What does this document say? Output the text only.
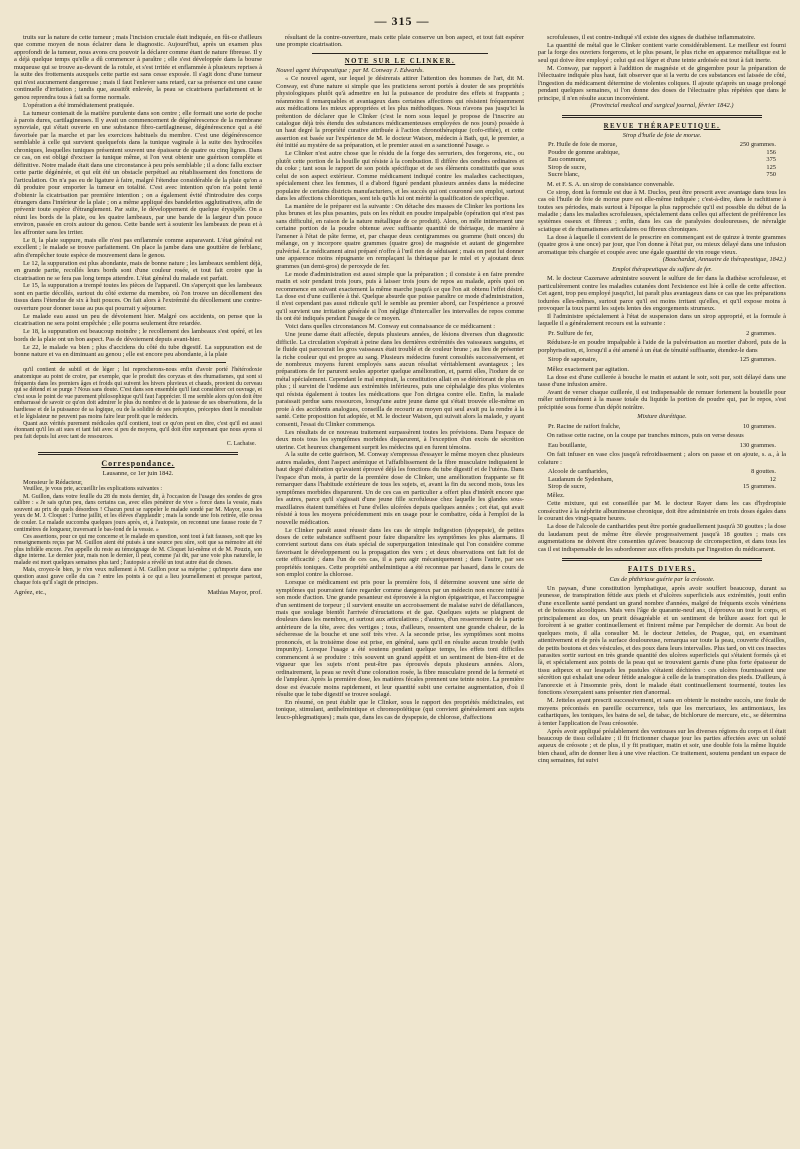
— 315 —

truits sur la nature de cette tumeur ; mais l'incision cruciale était indiquée, en fût-ce d'ailleurs que comme moyen de nous éclairer dans le diagnostic. Aujourd'hui, après un examen plus approfondi de la tumeur, nous avons cru pouvoir la déclarer comme étant de nature fibreuse. Il y a déjà quelque temps qu'elle a dû commencer à paraître ; elle s'est développée dans la bourse muqueuse qui se trouve au-devant de la rotule, et s'est irritée et enflammée à plusieurs reprises à la suite des frottements auxquels cette partie est sans cesse exposée. Il s'agit donc d'une tumeur qui n'est aucunement dangereuse ; mais il faut l'enlever sans retard, car sa présence est une cause continuelle d'irritation ; tandis que, aussitôt enlevée, la peau se cicatrisera parfaitement et le genou reprendra tous à fait sa forme normale.

L'opération a été immédiatement pratiquée.

La tumeur contenait de la matière purulente dans son centre ; elle formait une sorte de poche à parois dures, cartilagineuses. Il y avait un commencement de dégénérescence de la membrane synoviale, qui s'était ouverte en une substance fibro-cartilagineuse, dégénérescence qui a été favorisée par la marche et par les exercices habituels du membre. C'est une dégénérescence semblable à celle qui survient quelquefois dans la tunique vaginale à la suite des hydrocèles chroniques, lesquelles tuniques présentent souvent une épaisseur de quatre ou cinq lignes. Dans ce cas, on est obligé d'exciser la tunique même, si l'on veut obtenir une guérison complète et définitive. Notre malade était dans une circonstance à peu près semblable ; il a donc fallu exciser cette partie dégénérée, et qui eût été un obstacle perpétuel au rétablissement des fonctions de l'articulation. On n'a pas eu de ligature à faire, malgré l'étendue considérable de la plaie qu'on a dû produire pour emporter la tumeur en totalité. C'est avec intention qu'on n'a point tenté d'obtenir la cicatrisation par première intention ; on a également évité d'introduire des corps étrangers dans l'intérieur de la plaie ; on a même appliqué des bandelettes agglutinatives, afin de prévenir toute espèce d'étranglement. Par suite, le développement de quelque érysipèle. On a réuni les bords de la plaie, ou les quatre lambeaux, par une bande de la largeur d'un pouce environ, passée en croix autour du genou. Cette bande sert à soutenir les lambeaux de peau et à les affronter sans les irriter.

Le 8, la plaie suppure, mais elle n'est pas enflammée comme auparavant. L'état général est excellent ; le malade se trouve parfaitement. On place la jambe dans une gouttière de ferblanc, afin d'empêcher toute espèce de mouvement dans le genou.

Le 12, la suppuration est plus abondante, mais de bonne nature ; les lambeaux semblent déjà, en grande partie, recollés leurs bords sont d'une couleur rosée, et tout fait croire que la cicatrisation ne se fera pas long temps attendre. L'état général du malade est parfait.

Le 15, la suppuration a trempé toutes les pièces de l'appareil. On s'aperçoit que les lambeaux sont en partie décollés, surtout du côté externe du membre, où l'on trouve un décollement des tissus dans l'étendue de six à huit pouces. On fait alors à l'extrémité du décollement une contre-ouverture pour donner issue au pus qui pourrait y séjourner.

Le malade eau aussi un peu de dévoiement hier. Malgré ces accidents, on pense que la cicatrisation ne sera point empêchée ; elle pourra seulement être retardée.

Le 18, la suppuration est beaucoup moindre ; le recollement des lambeaux s'est opéré, et les bords de la plaie ont un bon aspect. Pas de dévoiement depuis avant-hier.

Le 22, le malade va bien ; plus d'accidens du côté du tube digestif. La suppuration est de bonne nature et va en diminuant au genou ; elle est encore peu abondante, à la plaie

qu'il contient de subtil et de léger ; lui reprocherons-nous enfin d'avoir porté l'hétérodoxie anatomique au point de croire, par exemple, que le produit des coryzas et des rhumatismes, qui sont si fréquents dans les premiers âges et froids qui suivent les hivers pluvieux et chauds, provient du cerveau qui se détend et se purge ? Nous sans doute. C'est dans son ensemble qu'il faut considérer cet ouvrage, et c'est sous le point de vue purement philosophique qu'il faut l'apprécier. Il me semble alors qu'on doit être embarrassé de savoir ce qu'on doit admirer le plus du nombre et de la justesse de ses observations, de la hardiesse et de la puissance de sa logique, ou de la solidité de ses préceptes, préceptes dont le moraliste et le législateur ne peuvent pas moins faire leur profit que le médecin.

Quant aux vérités purement médicales qu'il contient, tout ce qu'on peut en dire, c'est qu'il est aussi étonnant qu'il les ait sues et tant fait avec si peu de moyens, qu'il doit être surprenant que nous ayons si peu fait depuis lui avec tant de ressources.

C. Lachaise.
Correspondance.
Lausanne, ce 1er juin 1842.

Monsieur le Rédacteur,

Veuillez, je vous prie, accueillir les explications suivantes :

M. Guillon, dans votre feuille du 28 du mois dernier, dit, à l'occasion de l'usage des sondes de gros calibre : « Je sais qu'un peu, dans certains cas, avec elles pénétrer de vive » force dans la vessie, mais souvent au prix de quels désordres ! Chacun peut se rappeler le malade sondé par M. Mayor, sous les yeux de M. J. Cloquet : l'urine jaillit, et les élèves d'applaudir ; mais la sonde une fois retirée, elle cessa de couler. Le malade succomba quelques jours après, et, à l'autopsie, on reconnut une fausse route de 7 centimètres de longueur, traversant le bas-fond de la vessie. »

Ces assertions, pour ce qui me concerne et le malade en question, sont tout à fait fausses, soit que les renseignements reçus par M. Guillon aient été puisés à une source peu sûre, soit que sa mémoire ait été plus infidèle encore. J'en appelle du reste au témoignage de M. Cloquet lui-même et de M. Pouzin, son digne interne. Le dernier jour, mais non le dernier, il peut, comme j'ai dit, par une voie plus naturelle, le malade est mort quelques semaines plus tard ; l'autopsie a révélé un tout autre état de choses.

Mais, croyez-le bien, je n'en veux nullement à M. Guillon pour sa méprise ; qu'importe dans une question aussi grave celle du cas ? entre les points à ce qui a lieu journellement et presque partout, chaque fois qu'il s'agit de principes.

Agréez, etc.,	Mathias Mayor, prof.

résultant de la contre-ouverture, mais cette plaie conserve un bon aspect, et tout fait espérer une prompte cicatrisation.

NOTE SUR LE CLINKER.

Nouvel agent thérapeutique ; par M. Conway J. Edwards.

« Ce nouvel agent, sur lequel je désirerais attirer l'attention des hommes de l'art, dit M. Conway, est d'une nature si simple que les praticiens seront portés à douter de ses propriétés physiologiques plutôt qu'à admettre en lui la puissance de produire des effets si frappants ; néanmoins il remarquables et avantageux dans certaines affections qui résistent fréquemment aux médications les mieux appropriées et les plus méthodiques. Nous n'avons pas jusqu'ici la prétention de déclarer que le Clinker (c'est le nom sous lequel je propose de l'inscrire au catalogue déjà très étendu des substances médicamenteuses employées de nos jours) possède à un haut degré la propriété curative attribuée à l'action chronothérapique (cofo-rifiée), et cette assertion est basée sur l'expérience de M. le docteur Watson, médecin à Bath, qui, le premier, a été initié au mystère de sa préparation, et le premier aussi en a sanctionné l'usage. »

Le Clinker n'est autre chose que le résidu de la forge des serruriers, des forgerons, etc., ou plutôt cette portion de la houille qui résiste à la combustion. Il diffère des cendres ordinaires et du coke ; tant sous le rapport de son poids spécifique et de ses éléments constitutifs que sous celui de son aspect extérieur. Comme médicament indiqué contre les maladies cachectiques, spécialement chez les femmes, il a d'abord figuré pendant plusieurs années dans la médecine populaire de certains districts manufacturiers, et les succès qui ont couronné son emploi, surtout dans les affections chlorotiques, sont tels qu'ils lui ont mérité la qualification de spécifique.

La manière de le préparer est la suivante : On détache des masses de Clinker les portions les plus brunes et les plus pesantes, puis on les réduit en poudre impalpable (opération qui n'est pas sans difficulté, en raison de la nature métallique de ce produit). Alors, on mêle intimement une certaine portion de la poudre obtenue avec suffisante quantité de thériaque, de manière à l'amener à l'état de pâte ferme, et, par chaque deux centigrammes ou gramme (huit onces) du mélange, on y incorpore quatre grammes (quatre gros) de magnésie et autant de gingembre pulvérisé. Le médicament ainsi préparé n'offre à l'œil rien de séduisant ; mais on peut lui donner une apparence moins répugnante en remplaçant la thériaque par le miel et y ajoutant deux grammes (un demi-gros) de peroxyde de fer.

Le mode d'administration est aussi simple que la préparation ; il consiste à en faire prendre matin et soir pendant trois jours, puis à laisser trois jours de repos au malade, après quoi on recommence en suivant exactement la même marche jusqu'à ce que l'on ait obtenu l'effet désiré. La dose est d'une cuillerée à thé. Quelque absurde que puisse paraître ce mode d'administration, il n'est cependant pas aussi ridicule qu'il le semble au premier abord, car l'expérience a prouvé qu'il survient une irritation générale si l'on néglige d'intercaller les intervalles de repos comme ils ont été indiqués pendant l'usage de ce moyen.

Voici dans quelles circonstances M. Conway eut connaissance de ce médicament :

Une jeune dame était affectée, depuis plusieurs années, de lésions diverses d'un diagnostic difficile. La circulation s'opérait à peine dans les dernières extrémités des vaisseaux sanguins, et le fluide qui parcourait les gros vaisseaux était troublé et de couleur brune ; au lieu de présenter la riche couleur qui est propre au sang. Plusieurs médecins furent consultés successivement, et de nombreux moyens furent employés sans aucun résultat véritablement avantageux ; les préparations de fer parurent seules apporter quelque amélioration, et, parmi elles, l'iodure de ce métal spécialement. Cependant le mal empirait, la constitution allait en se détériorant de plus en plus ; il survint de l'œdème aux extrémités inférieures, puis une céphalalgie des plus violentes qui résista également à toutes les médications que l'on dirigea contre elle. Enfin, la malade paraissait perdue sans ressources, lorsqu'une autre jeune dame qui s'était trouvée elle-même en proie à des accidents analogues, conseilla de recourir au moyen qui seul avait pu la rendre à la santé. Cette proposition fut adoptée, et M. le docteur Watson, qui suivait alors la malade, y ayant consenti, l'essai du Clinker commença.

Les résultats de ce nouveau traitement surpassèrent toutes les prévisions. Dans l'espace de deux mois tous les symptômes morbides disparurent, à l'exception d'un excès de sécrétion uterine. Cet heureux changement surprit les médecins qui en furent témoins.

A la suite de cette guérison, M. Conway s'empressa d'essayer le même moyen chez plusieurs autres malades, dont l'aspect anémique et l'affaiblissement de la fibre musculaire indiquaient le haut degré d'altération qu'avaient éprouvé déjà les fonctions du tube digestif et de l'utérus. Dans l'espace d'un mois, à partir de la première dose de Clinker, une amélioration frappante se fit remarquer dans l'habitude extérieure de tous les sujets, et, avant la fin du second mois, tous les symptômes morbides disparurent. Un de ces cas en particulier a offert plus d'intérêt encore que les autres, parce qu'il s'agissait d'une jeune fille scrofuleuse chez laquelle les glandes sous-maxillaires étaient tuméfiées et l'une d'elles ulcérées depuis quelques années ; cet état, qui avait résisté à tous les moyens précédemment mis en usage pour le combattre, céda à l'emploi de la nouvelle médication.

Le Clinker paraît aussi réussir dans les cas de simple indigestion (dyspepsie), de petites doses de cette substance suffisent pour faire disparaître les symptômes les plus alarmans. Il convient surtout dans ces états spécial de superpurgation intestinale qui l'on considère comme favorisant le développement ou la propagation des vers ; et deux observations ont fait foi de cette efficacité ; dans l'un de ces cas, il a paru agir mécaniquement ; dans l'autre, par ses propriétés toniques. Cette propriété anthelmintique a été reconnue par hasard, dans le cours de son emploi contre la chlorose.

Lorsque ce médicament est pris pour la première fois, il détermine souvent une série de symptômes qui pourraient faire regarder comme dangereux par un médecin non encore initié à son mode d'action. Une grande pesanteur est éprouvée à la région épigastrique, et l'accompagne d'un sentiment de torpeur ; il survient ensuite un accroissement de malaise suivi de défaillances, mais que soulage bientôt l'arrivée d'éructations et de gaz. Quelques sujets se plaignent de douleurs dans les membres, et surtout aux articulations ; d'autres, d'un resserrement de la partie antérieure de la tête, avec des vertiges ; tous, d'ailleurs, ressentent une grande chaleur, de la sécheresse de la bouche et une soif très vive. A la seconde prise, les symptômes sont moins prononcés, et la troisième dose est prise, en général, sans qu'il en résulte aucun trouble (with impunity). Lorsque l'usage a été soutenu pendant quelque temps, les effets toni difficiles commencent à se produire : très souvent un grand appétit et un sentiment de bien-être et de vigueur que les sujets n'ont peut-être pas éprouvés depuis plusieurs années. Alors, ordinairement, la peau se revêt d'une coloration rosée, la fibre musculaire prend de la fermeté et de l'ampleur. Après la première dose, les matières fécales prennent une teinte noire. La première dose est évacuée moins rapidement, et leur quantité subit une certaine augmentation, d'où il résulte que le tube digestif se trouve soulagé.

En résumé, on peut établir que le Clinker, sous le rapport des propriétés médicinales, est tonique, stimulant, antihelmintique et chromopoïétique (qui convient généralement aux sujets leuco-phlegmatiques) ; mais que, dans les cas de dyspepsie, de chlorose, d'affections

scrofuleuses, il est contre-indiqué s'il existe des signes de diathèse inflammatoire.

La quantité de métal que le Clinker contient varie considérablement. Le meilleur est fourni par la forge des ouvriers forgerons, et le plus pesant, le plus riche en apparence métallique est le seul qui doive être employé ; celui qui est léger et d'une teinte ardoisée est tout à fait inerte.

M. Conway, par rapport à l'addition de magnésie et de gingembre pour la préparation de l'électuaire indiquée plus haut, fait observer que si la vertu de ces substances est laissée de côté, l'ingestion du médicament détermine de violentes coliques. Il ajoute qu'après un usage prolongé pendant quelques semaines, si l'on donne des doses de l'électuaire plus répétées que dans le principe, il n'en résulte aucun inconvénient.

(Provincial medical and surgical journal, février 1842.)
REVUE THÉRAPEUTIQUE.
Sirop d'huile de foie de morue.
Pr. Huile de foie de morue,	250 grammes.
Poudre de gomme arabique,	156
Eau commune,	375
Sirop de sucre,	125
Sucre blanc,	750

M. et F. S. A. un sirop de consistance convenable.

Ce sirop, dont la formule est due à M. Duclos, peut être prescrit avec avantage dans tous les cas où l'huile de foie de morue pure est elle-même indiquée ; c'est-à-dire, dans le rachitisme à toutes ses périodes, mais surtout à l'époque la plus rapprochée qu'il est possible du début de la maladie ; dans les maladies scrofuleuses, spécialement dans celles qui affectent de préférence les systèmes osseux et fibreux ; enfin, dans les cas de paralysies douloureuses, de névralgie sciatique et de rhumatismes articulaires ou fibreux chroniques.

La dose à laquelle il convient de le prescrire en commençant est de quinze à trente grammes (quatre gros à une once) par jour, que l'on donne à l'état pur, ou mieux délayé dans une infusion aromatique très chargée et coupée avec une égale quantité de vin rouge vieux.

(Bouchardat, Annuaire de thérapeutique, 1842.)
Emploi thérapeutique du sulfure de fer.

M. le docteur Cazenave administre souvent le sulfure de fer dans la diathèse scrofuleuse, et particulièrement contre les maladies cutanées dont l'existence est liée à celle de cette affection. Cet agent, trop peu employé jusqu'ici, lui paraît plus avantageux dans ce cas que les préparations iodurées elles-mêmes, surtout parce qu'il est moins irritant qu'elles, et qu'il expose moins à provoquer la toux parmi les sujets lentes des engorgements strumeux.

Il l'administre spécialement à l'état de suspension dans un sirop approprié, et la formule à laquelle il a généralement recours est la suivante :

Pr. Sulfure de fer,	2 grammes.

Réduisez-le en poudre impalpable à l'aide de la pulvérisation au mortier d'abord, puis de la porphyrisation, et, lorsqu'il a été amené à un état de ténuité suffisante, étendez-le dans

Sirop de saponaire,	125 grammes.

Mêlez exactement par agitation.

La dose est d'une cuillerée à bouche le matin et autant le soir, soit pur, soit délayé dans une tasse d'une infusion amère.

Avant de verser chaque cuillerée, il est indispensable de remuer fortement la bouteille pour mêler uniformément à la masse totale du liquide la portion de poudre qui, par le repos, s'est précipitée sous forme d'un dépôt noirâtre.

Mixture diurétique.
Pr. Racine de raifort fraîche,	10 grammes.

On ratisse cette racine, on la coupe par tranches minces, puis on verse dessus

Eau bouillante,	130 grammes.

On fait infuser en vase clos jusqu'à refroidissement ; alors on passe et on ajoute, s. a., à la colature :

Alcoole de cantharides,	8 gouttes.
Laudanum de Sydenham,	12
Sirop de sucre,	15 grammes.

Mêlez.

Cette mixture, qui est conseillée par M. le docteur Rayer dans les cas d'hydropisie consécutive à la néphrite albumineuse chronique, doit être administrée en trois doses égales dans le courant des vingt-quatre heures.

La dose de l'alcoole de cantharides peut être portée graduellement jusqu'à 30 gouttes ; la dose du laudanum peut de même être élevée progressivement jusqu'à 18 gouttes ; mais ces augmentations ne doivent être consenties qu'avec beaucoup de circonspection, et dans tous les cas il est indispensable de les subordonner aux effets produits par l'ingestion du médicament.

FAITS DIVERS.
Cas de phthiriase guérie par la créosote.

Un paysan, d'une constitution lymphatique, après avoir souffert beaucoup, durant sa jeunesse, de transpiration fétide aux pieds et d'ulcères superficiels aux extrémités, jouit enfin d'une excellente santé pendant un grand nombre d'années, malgré de fréquents excès vénériens et de boissons alcooliques. Mais vers l'âge de quarante-neuf ans, il éprouva un tout le corps, et principalement au dos, un prurit désagréable et un sentiment de brûlure assez fort qui le forcèrent à se gratter continuellement et finirent même par l'empêcher de dormir. Au bout de quelques mois, il alla consulter M. le docteur Jetteles, de Prague, qui, en examinant attentivement et de près la surface douloureuse, remarqua sur toute la peau, couverte d'écailles, de petits boutons et des vésicules, et des poux dans leurs intervalles. Plus tard, on vit ces insectes parasites sortir surtout en très grande quantité des ulcères superficiels qui s'étaient formés çà et là, et spécialement aux points de la peau qui se trouvaient garnis d'une plus forte épaisseur de tissu adipeux et sur lesquels les pustules s'étaient déchirées : ces ulcères fournissaient une sécrétion qui exhalait une odeur fétide analogue à celle de la transpiration des pieds. D'ailleurs, à l'anorexie et à l'insomnie près, dont le malade était continuellement tourmenté, toutes les fonctions s'exerçaient sans présenter rien d'anormal.

M. Jetteles ayant prescrit successivement, et sans en obtenir le moindre succès, une foule de moyens préconisés en pareille occurrence, tels que les mercuriaux, les antimoniaux, les cathartiques, les toniques, les bains de sel, de tabac, de bichlorure de mercure, etc., se détermina à tenter l'application de l'eau créosotée.

Après avoir appliqué préalablement des ventouses sur les diverses régions du corps et il était beaucoup de tissu cellulaire ; il fit frictionner chaque jour les parties affectées avec un soluté aqueux de créosote ; et de plus, il y fit pratiquer, matin et soir, une double fois la même liquide bien chaud, afin de donner lieu à une vive réaction. Ce traitement, soutenu pendant un espace de cinq semaines, fut suivi
